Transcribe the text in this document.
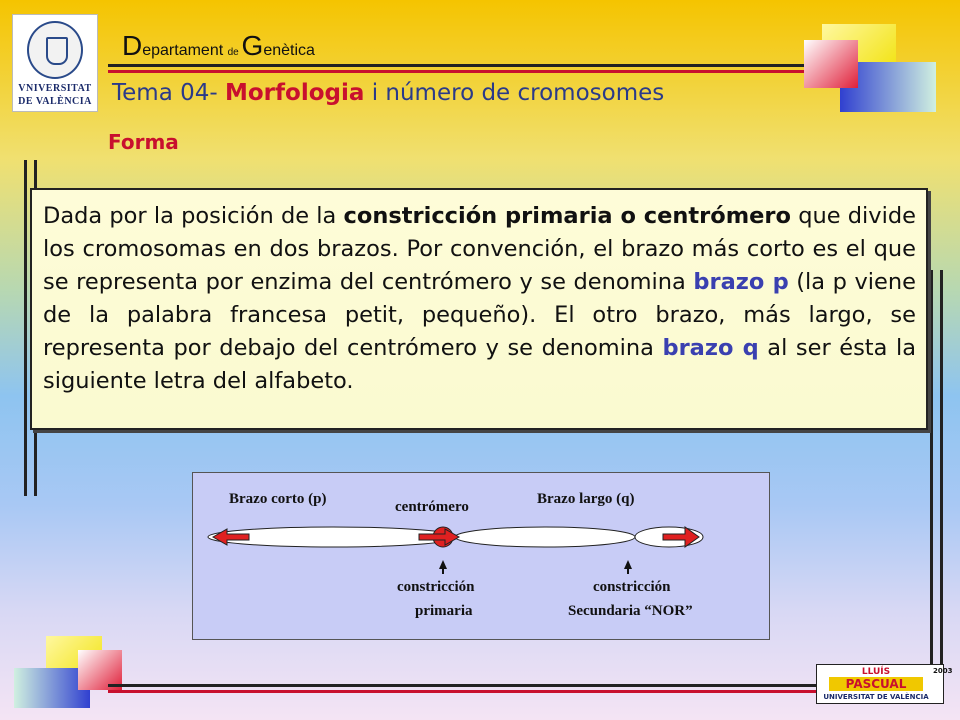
VNIVERSITAT
DE VALÈNCIA
Departament de Genètica
Tema 04- Morfologia i número de cromosomes
Forma
Dada por la posición de la constricción primaria o centrómero que divide los cromosomas en dos brazos. Por convención, el brazo más corto es el que se representa por enzima del centrómero y se denomina brazo p (la p viene de la palabra francesa petit, pequeño). El otro brazo, más largo, se representa por debajo del centrómero y se denomina brazo q al ser ésta la siguiente letra del alfabeto.
Brazo corto (p)	centrómero	Brazo largo (q)
constricción
primaria
constricción
Secundaria “NOR”
LLUÍS
PASCUAL
UNIVERSITAT DE VALÈNCIA
2003
